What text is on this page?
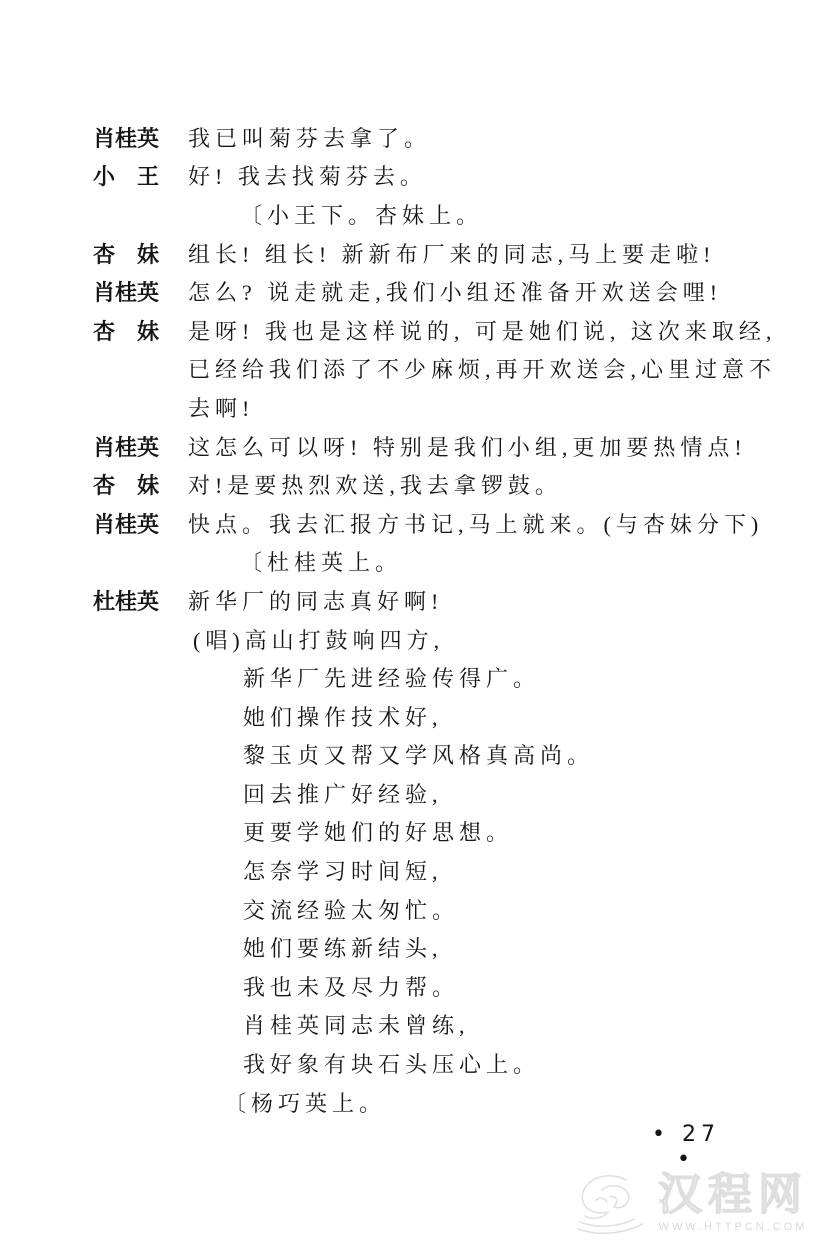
肖桂英 我已叫菊芬去拿了。
小 王 好! 我去找菊芬去。
〔小王下。杏妹上。
杏 妹 组长! 组长! 新新布厂来的同志,马上要走啦!
肖桂英 怎么? 说走就走,我们小组还准备开欢送会哩!
杏 妹 是呀! 我也是这样说的, 可是她们说, 这次来取经,
已经给我们添了不少麻烦,再开欢送会,心里过意不
去啊!
肖桂英 这怎么可以呀! 特别是我们小组,更加要热情点!
杏 妹 对!是要热烈欢送,我去拿锣鼓。
肖桂英 快点。我去汇报方书记,马上就来。(与杏妹分下)
〔杜桂英上。
杜桂英 新华厂的同志真好啊!
(唱)高山打鼓响四方,
新华厂先进经验传得广。
她们操作技术好,
黎玉贞又帮又学风格真高尚。
回去推广好经验,
更要学她们的好思想。
怎奈学习时间短,
交流经验太匆忙。
她们要练新结头,
我也未及尽力帮。
肖桂英同志未曾练,
我好象有块石头压心上。
〔杨巧英上。
• 27 •
汉程网
WWW.HTTPCN.COM
